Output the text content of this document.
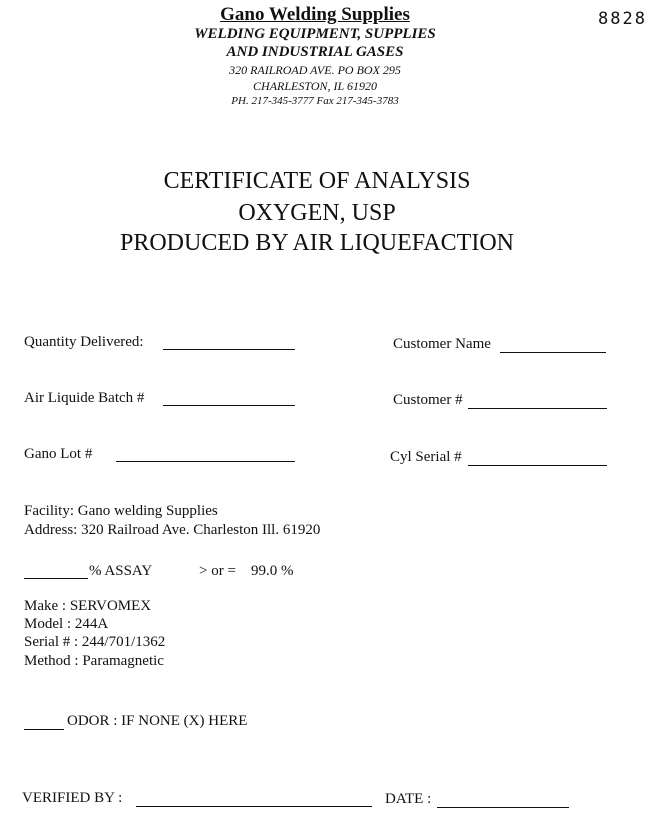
Gano Welding Supplies
WELDING EQUIPMENT, SUPPLIES
AND INDUSTRIAL GASES
320 RAILROAD AVE. PO BOX 295
CHARLESTON, IL 61920
PH. 217-345-3777 Fax 217-345-3783
8828
CERTIFICATE OF ANALYSIS
OXYGEN, USP
PRODUCED BY AIR LIQUEFACTION
Quantity Delivered:	Customer Name
Air Liquide Batch #	Customer #
Gano Lot #	Cyl Serial #
Facility: Gano welding Supplies
Address: 320 Railroad Ave. Charleston Ill. 61920
% ASSAY	> or = 99.0 %
Make : SERVOMEX
Model : 244A
Serial # : 244/701/1362
Method : Paramagnetic
ODOR : IF NONE (X) HERE
VERIFIED BY :	DATE :
